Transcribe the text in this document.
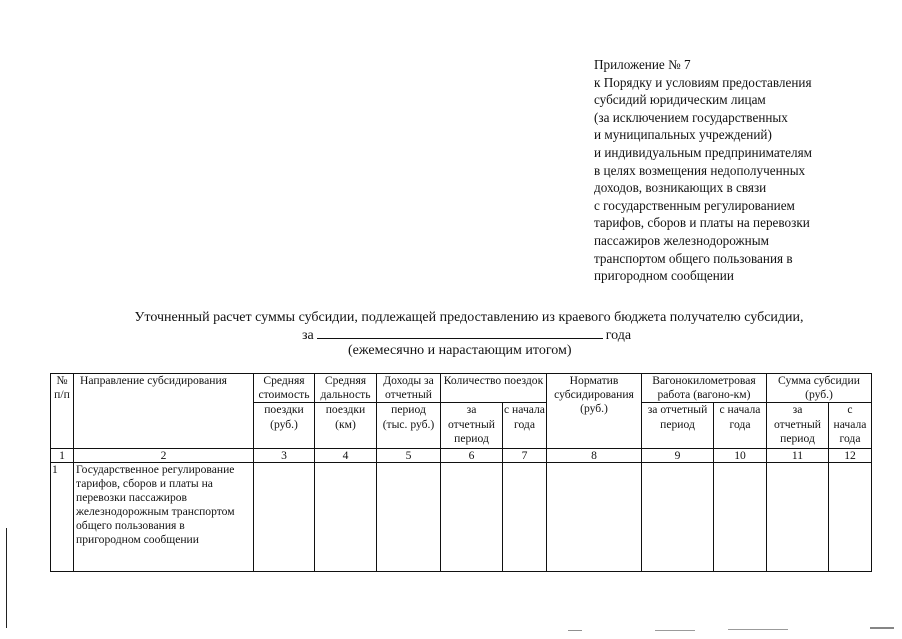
Приложение № 7
к Порядку и условиям предоставления
субсидий юридическим лицам
(за исключением государственных
и муниципальных учреждений)
и индивидуальным предпринимателям
в целях возмещения недополученных
доходов, возникающих в связи
с государственным регулированием
тарифов, сборов и платы на перевозки
пассажиров железнодорожным
транспортом общего пользования в
пригородном сообщении
Уточненный расчет суммы субсидии, подлежащей предоставлению из краевого бюджета получателю субсидии,
за	года
(ежемесячно и нарастающим итогом)
№ п/п	Направление субсидирования	Средняя стоимость	Средняя дальность	Доходы за отчетный	Количество поездок		Норматив субсидирования (руб.)	Вагонокилометровая работа (вагоно-км)		Сумма субсидии (руб.)	
		поездки (руб.)	поездки (км)	период (тыс. руб.)	за отчетный период	с начала года		за отчетный период	с начала года	за отчетный период	с начала года
1	2	3	4	5	6	7	8	9	10	11	12
1	Государственное регулирование тарифов, сборов и платы на перевозки пассажиров железнодорожным транспортом общего пользования в пригородном сообщении										
